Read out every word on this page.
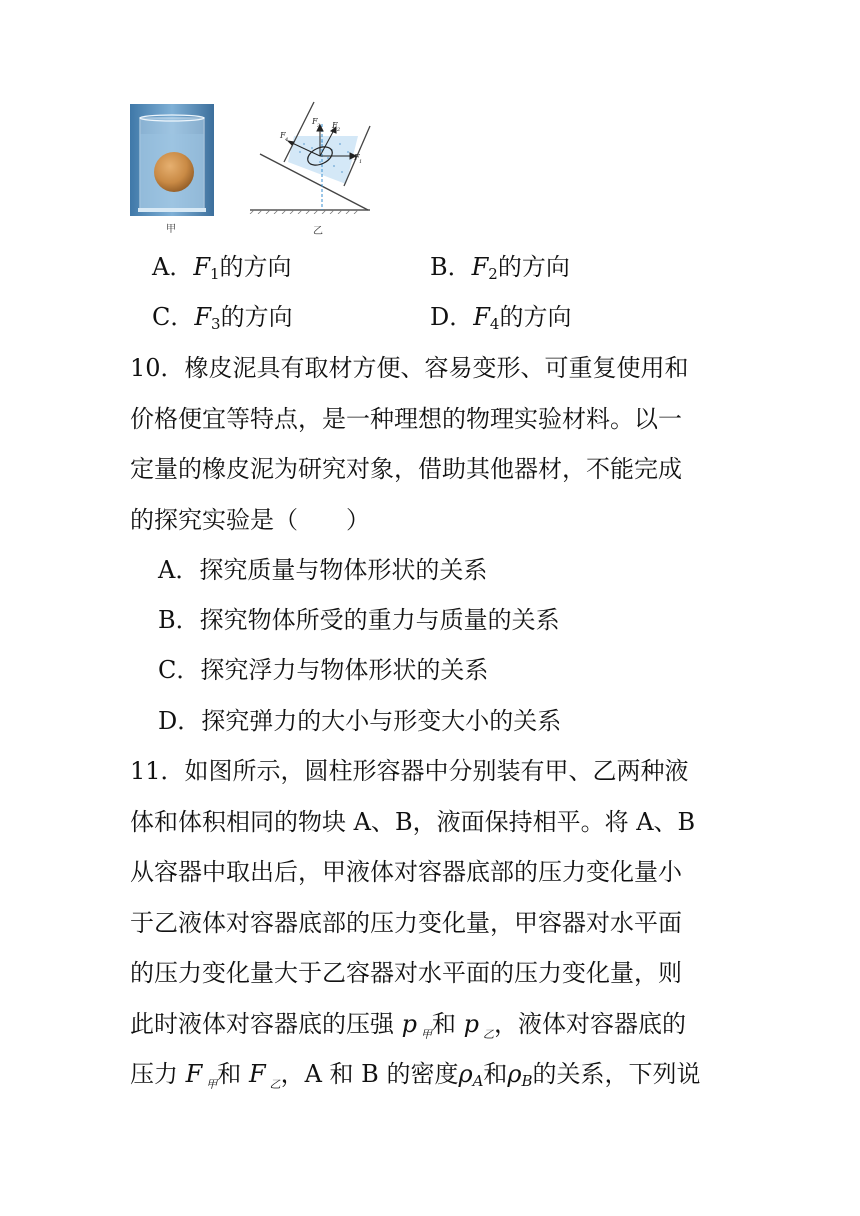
甲
F 4
F 3 F 2
F 1
乙
A．$F_1$的方向	B．$F_2$的方向
C．$F_3$的方向	D．$F_4$的方向
10．橡皮泥具有取材方便、容易变形、可重复使用和
价格便宜等特点，是一种理想的物理实验材料。以一
定量的橡皮泥为研究对象，借助其他器材，不能完成
的探究实验是（　　）
A．探究质量与物体形状的关系
B．探究物体所受的重力与质量的关系
C．探究浮力与物体形状的关系
D．探究弹力的大小与形变大小的关系
11．如图所示，圆柱形容器中分别装有甲、乙两种液
体和体积相同的物块 A、B，液面保持相平。将 A、B
从容器中取出后，甲液体对容器底部的压力变化量小
于乙液体对容器底部的压力变化量，甲容器对水平面
的压力变化量大于乙容器对水平面的压力变化量，则
此时液体对容器底的压强 p $_甲$和 p $_乙$，液体对容器底的
压力 F $_甲$和 F $_乙$，A 和 B 的密度$\rho_A$和$\rho_B$的关系，下列说
